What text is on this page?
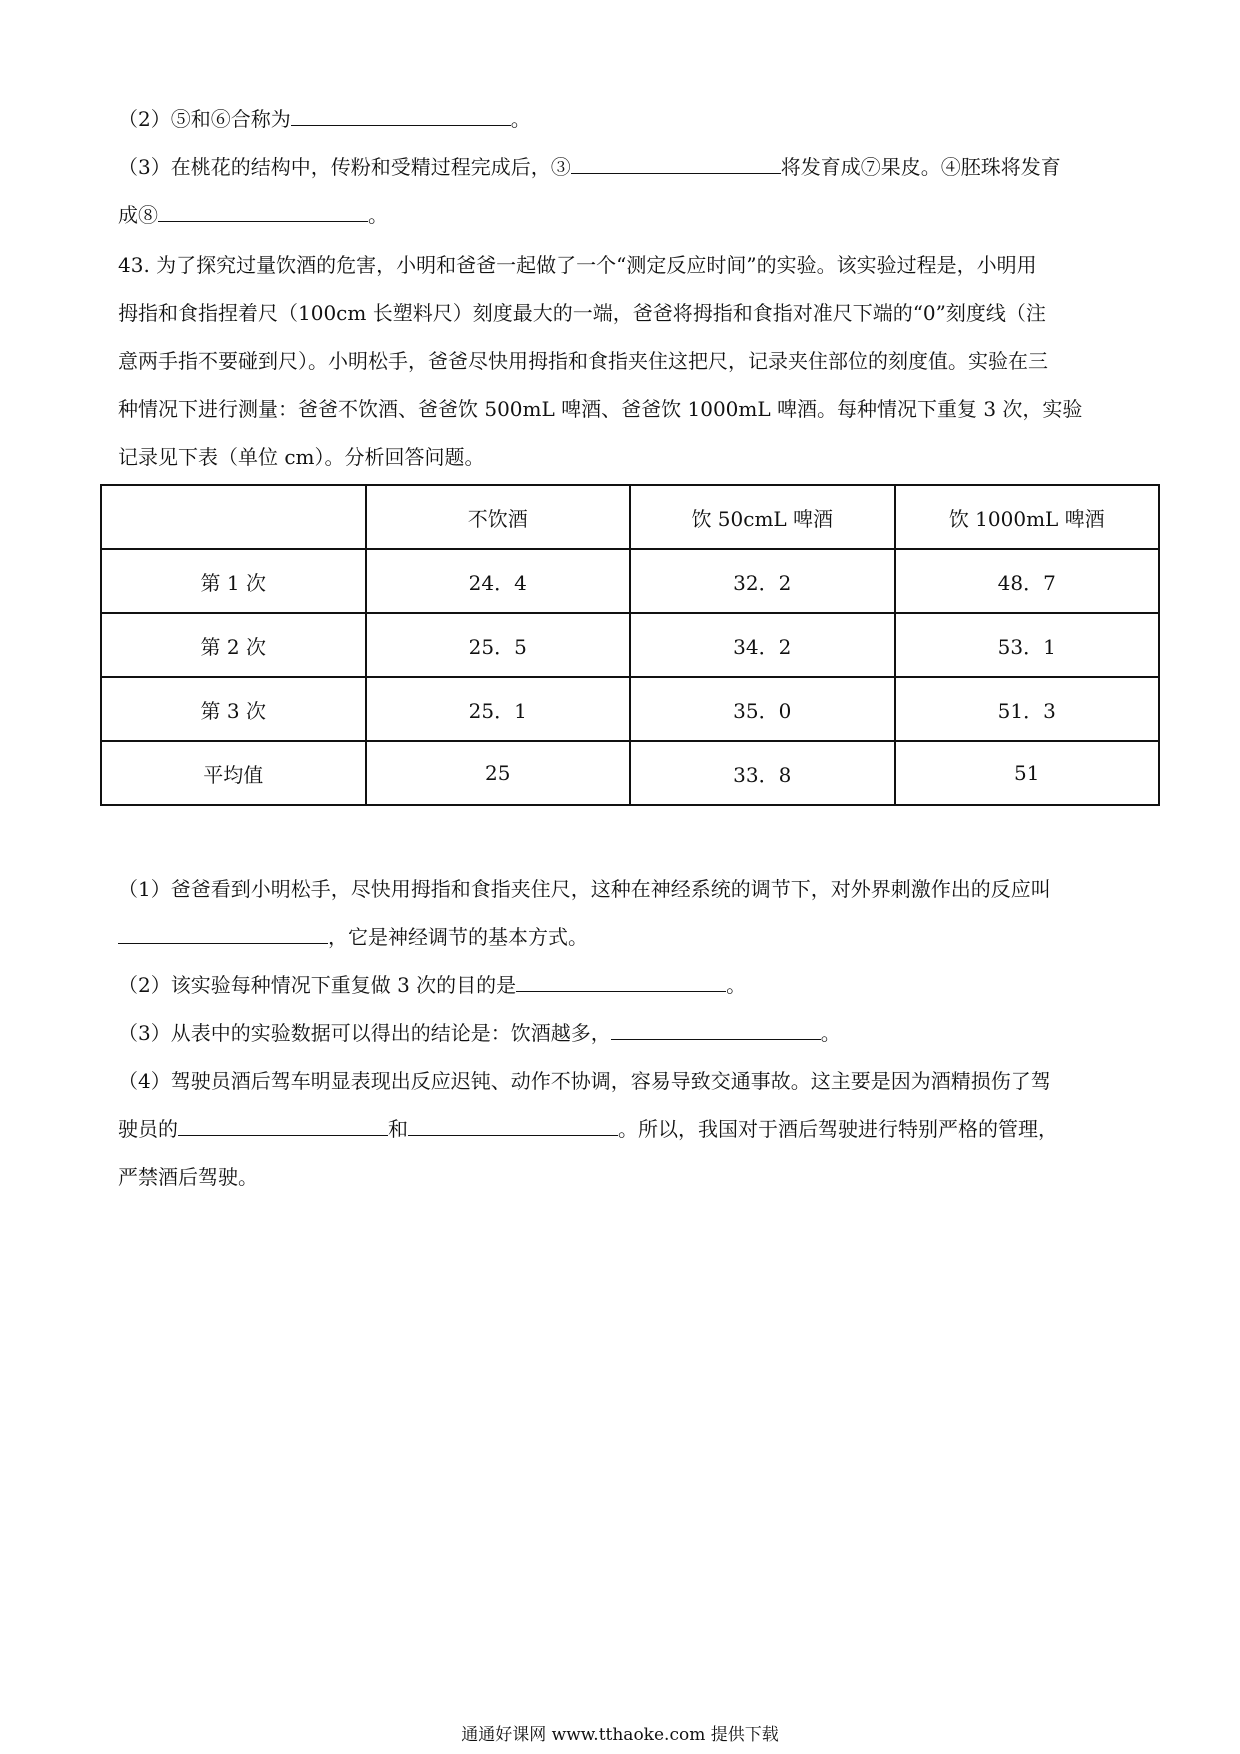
（2）⑤和⑥合称为	。
（3）在桃花的结构中，传粉和受精过程完成后，③	将发育成⑦果皮。④胚珠将发育
成⑧	。
43. 为了探究过量饮酒的危害，小明和爸爸一起做了一个“测定反应时间”的实验。该实验过程是，小明用
拇指和食指捏着尺（100cm 长塑料尺）刻度最大的一端，爸爸将拇指和食指对准尺下端的“0”刻度线（注
意两手指不要碰到尺）。小明松手，爸爸尽快用拇指和食指夹住这把尺，记录夹住部位的刻度值。实验在三
种情况下进行测量：爸爸不饮酒、爸爸饮 500mL 啤酒、爸爸饮 1000mL 啤酒。每种情况下重复 3 次，实验
记录见下表（单位 cm）。分析回答问题。
	不饮酒	饮 50cmL 啤酒	饮 1000mL 啤酒
第 1 次	24．4	32．2	48．7
第 2 次	25．5	34．2	53．1
第 3 次	25．1	35．0	51．3
平均值	25	33．8	51
（1）爸爸看到小明松手，尽快用拇指和食指夹住尺，这种在神经系统的调节下，对外界刺激作出的反应叫
，它是神经调节的基本方式。
（2）该实验每种情况下重复做 3 次的目的是	。
（3）从表中的实验数据可以得出的结论是：饮酒越多，	。
（4）驾驶员酒后驾车明显表现出反应迟钝、动作不协调，容易导致交通事故。这主要是因为酒精损伤了驾
驶员的	和	。所以，我国对于酒后驾驶进行特别严格的管理，
严禁酒后驾驶。
通通好课网 www.tthaoke.com 提供下载
